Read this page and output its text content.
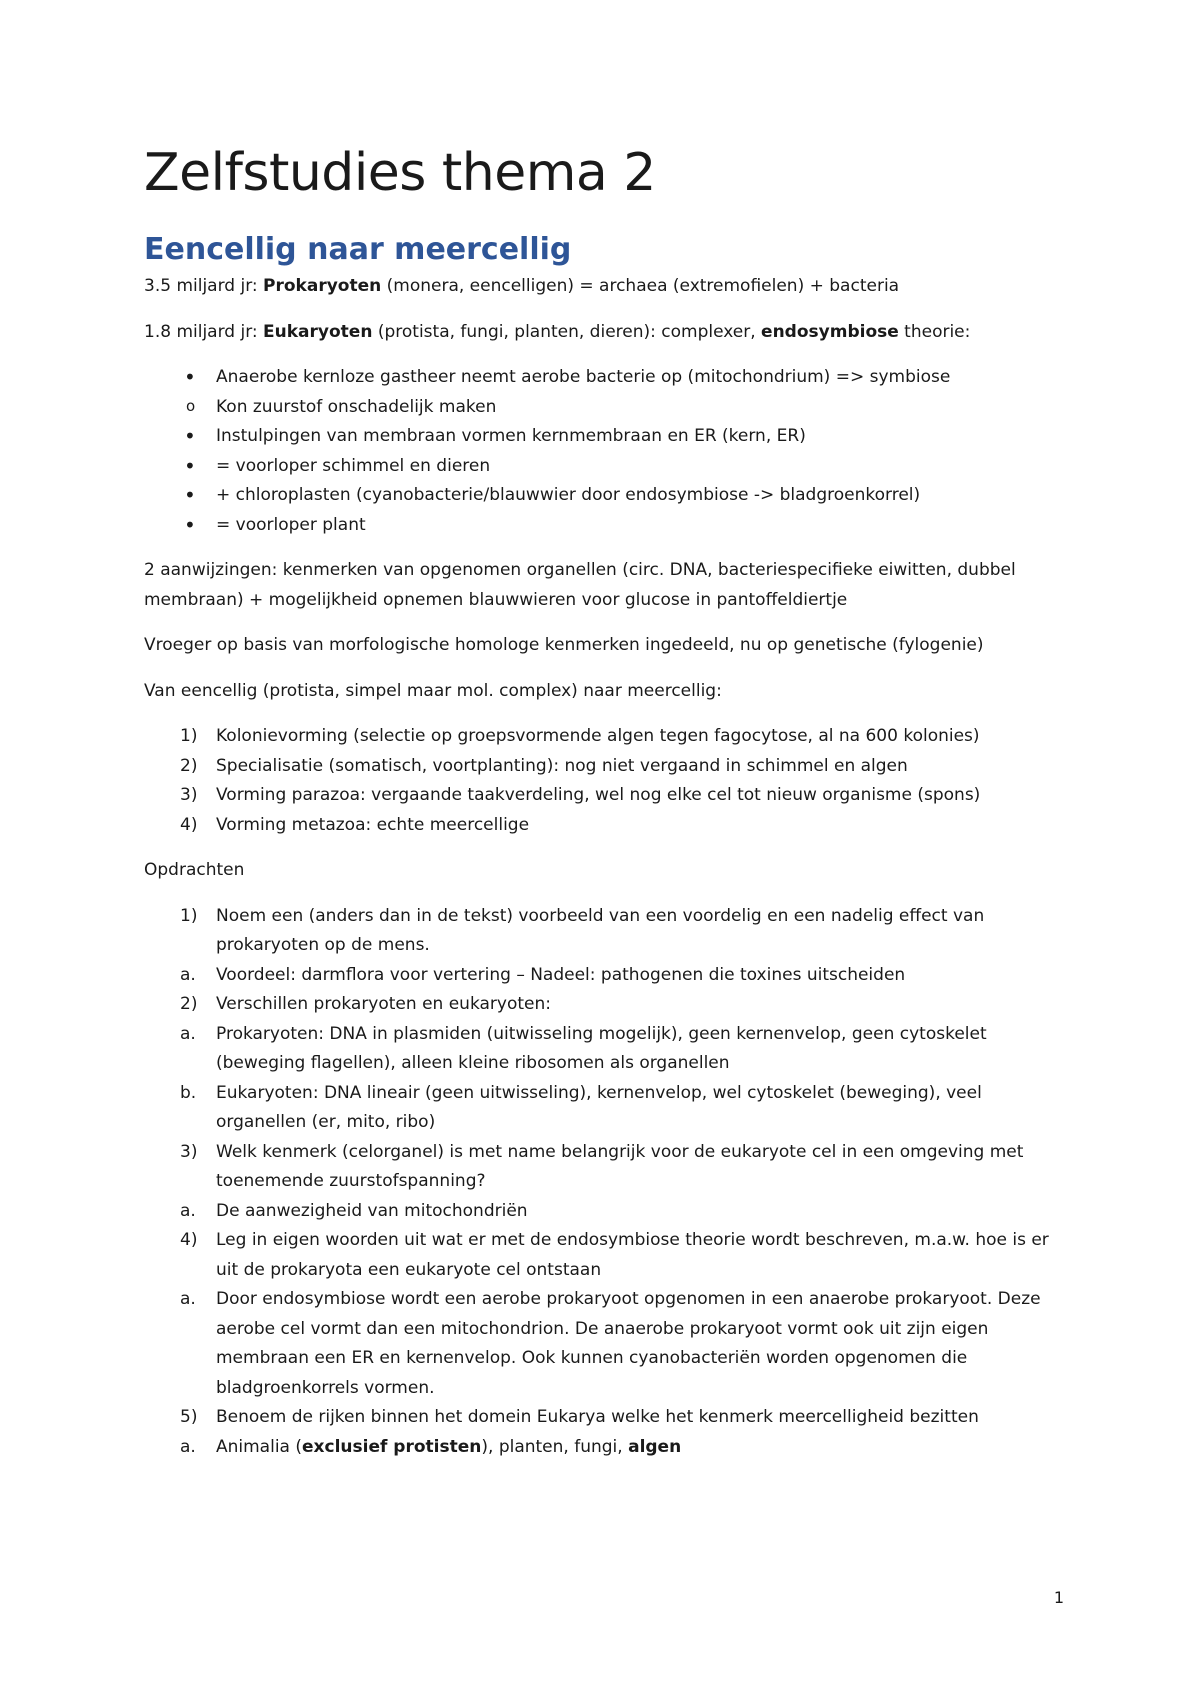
Zelfstudies thema 2
Eencellig naar meercellig

3.5 miljard jr: Prokaryoten (monera, eencelligen) = archaea (extremofielen) + bacteria

1.8 miljard jr: Eukaryoten (protista, fungi, planten, dieren): complexer, endosymbiose theorie:

• Anaerobe kernloze gastheer neemt aerobe bacterie op (mitochondrium) => symbiose
o Kon zuurstof onschadelijk maken
• Instulpingen van membraan vormen kernmembraan en ER (kern, ER)
• = voorloper schimmel en dieren
• + chloroplasten (cyanobacterie/blauwwier door endosymbiose -> bladgroenkorrel)
• = voorloper plant

2 aanwijzingen: kenmerken van opgenomen organellen (circ. DNA, bacteriespecifieke eiwitten, dubbel membraan) + mogelijkheid opnemen blauwwieren voor glucose in pantoffeldiertje

Vroeger op basis van morfologische homologe kenmerken ingedeeld, nu op genetische (fylogenie)

Van eencellig (protista, simpel maar mol. complex) naar meercellig:

1) Kolonievorming (selectie op groepsvormende algen tegen fagocytose, al na 600 kolonies)
2) Specialisatie (somatisch, voortplanting): nog niet vergaand in schimmel en algen
3) Vorming parazoa: vergaande taakverdeling, wel nog elke cel tot nieuw organisme (spons)
4) Vorming metazoa: echte meercellige

Opdrachten

1) Noem een (anders dan in de tekst) voorbeeld van een voordelig en een nadelig effect van prokaryoten op de mens.
a. Voordeel: darmflora voor vertering – Nadeel: pathogenen die toxines uitscheiden
2) Verschillen prokaryoten en eukaryoten:
a. Prokaryoten: DNA in plasmiden (uitwisseling mogelijk), geen kernenvelop, geen cytoskelet (beweging flagellen), alleen kleine ribosomen als organellen
b. Eukaryoten: DNA lineair (geen uitwisseling), kernenvelop, wel cytoskelet (beweging), veel organellen (er, mito, ribo)
3) Welk kenmerk (celorganel) is met name belangrijk voor de eukaryote cel in een omgeving met toenemende zuurstofspanning?
a. De aanwezigheid van mitochondriën
4) Leg in eigen woorden uit wat er met de endosymbiose theorie wordt beschreven, m.a.w. hoe is er uit de prokaryota een eukaryote cel ontstaan
a. Door endosymbiose wordt een aerobe prokaryoot opgenomen in een anaerobe prokaryoot. Deze aerobe cel vormt dan een mitochondrion. De anaerobe prokaryoot vormt ook uit zijn eigen membraan een ER en kernenvelop. Ook kunnen cyanobacteriën worden opgenomen die bladgroenkorrels vormen.
5) Benoem de rijken binnen het domein Eukarya welke het kenmerk meercelligheid bezitten
a. Animalia (exclusief protisten), planten, fungi, algen
1
